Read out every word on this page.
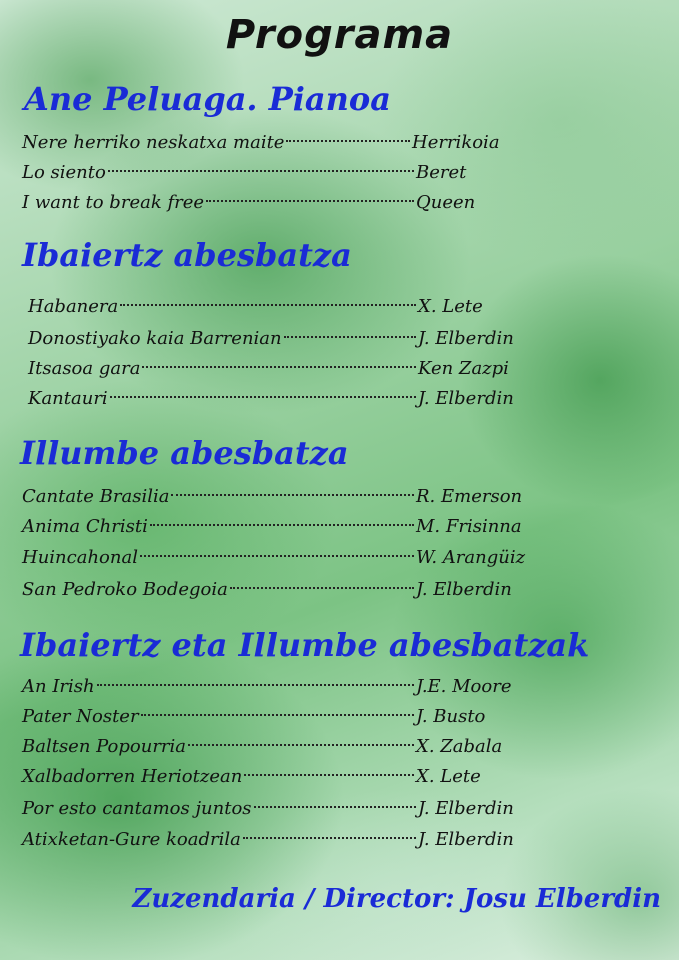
Programa
Ane Peluaga. Pianoa
Nere herriko neskatxa maite	Herrikoia
Lo siento	Beret
I want to break free	Queen
Ibaiertz abesbatza
Habanera	X. Lete
Donostiyako kaia Barrenian	J. Elberdin
Itsasoa gara	Ken Zazpi
Kantauri	J. Elberdin
Illumbe abesbatza
Cantate Brasilia	R. Emerson
Anima Christi	M. Frisinna
Huincahonal	W. Arangüiz
San Pedroko Bodegoia	J. Elberdin
Ibaiertz eta Illumbe abesbatzak
An Irish	J.E. Moore
Pater Noster	J. Busto
Baltsen Popourria	X. Zabala
Xalbadorren Heriotzean	X. Lete
Por esto cantamos juntos	J. Elberdin
Atixketan-Gure koadrila	J. Elberdin
Zuzendaria / Director: Josu Elberdin
